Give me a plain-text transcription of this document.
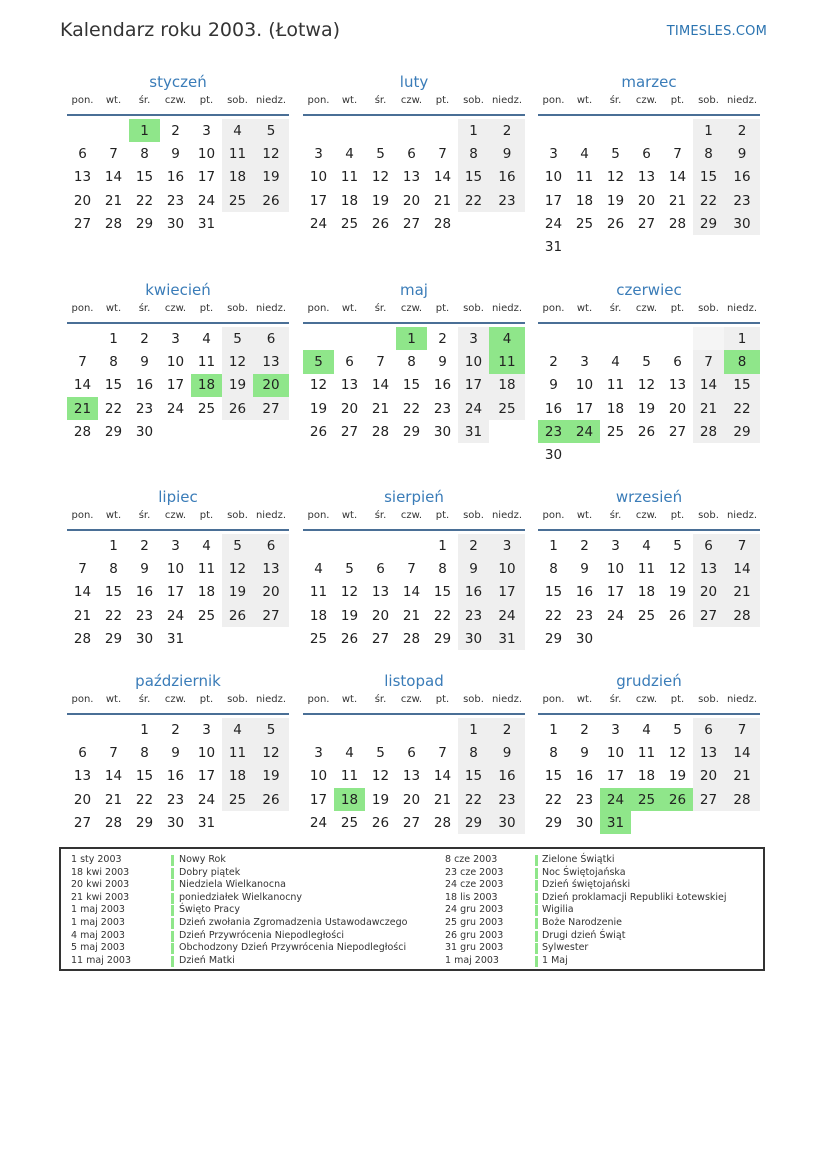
Kalendarz roku 2003. (Łotwa)	TIMESLES.COM
styczeń
pon.	wt.	śr.	czw.	pt.	sob.	niedz.

		1	2	3	4	5
6	7	8	9	10	11	12
13	14	15	16	17	18	19
20	21	22	23	24	25	26
27	28	29	30	31		
luty
pon.	wt.	śr.	czw.	pt.	sob.	niedz.

					1	2
3	4	5	6	7	8	9
10	11	12	13	14	15	16
17	18	19	20	21	22	23
24	25	26	27	28		
marzec
pon.	wt.	śr.	czw.	pt.	sob.	niedz.

					1	2
3	4	5	6	7	8	9
10	11	12	13	14	15	16
17	18	19	20	21	22	23
24	25	26	27	28	29	30
31						
kwiecień
pon.	wt.	śr.	czw.	pt.	sob.	niedz.

	1	2	3	4	5	6
7	8	9	10	11	12	13
14	15	16	17	18	19	20
21	22	23	24	25	26	27
28	29	30				
maj
pon.	wt.	śr.	czw.	pt.	sob.	niedz.

			1	2	3	4
5	6	7	8	9	10	11
12	13	14	15	16	17	18
19	20	21	22	23	24	25
26	27	28	29	30	31	
czerwiec
pon.	wt.	śr.	czw.	pt.	sob.	niedz.

						1
2	3	4	5	6	7	8
9	10	11	12	13	14	15
16	17	18	19	20	21	22
23	24	25	26	27	28	29
30						
lipiec
pon.	wt.	śr.	czw.	pt.	sob.	niedz.

	1	2	3	4	5	6
7	8	9	10	11	12	13
14	15	16	17	18	19	20
21	22	23	24	25	26	27
28	29	30	31			
sierpień
pon.	wt.	śr.	czw.	pt.	sob.	niedz.

				1	2	3
4	5	6	7	8	9	10
11	12	13	14	15	16	17
18	19	20	21	22	23	24
25	26	27	28	29	30	31
wrzesień
pon.	wt.	śr.	czw.	pt.	sob.	niedz.

1	2	3	4	5	6	7
8	9	10	11	12	13	14
15	16	17	18	19	20	21
22	23	24	25	26	27	28
29	30					
październik
pon.	wt.	śr.	czw.	pt.	sob.	niedz.

		1	2	3	4	5
6	7	8	9	10	11	12
13	14	15	16	17	18	19
20	21	22	23	24	25	26
27	28	29	30	31		
listopad
pon.	wt.	śr.	czw.	pt.	sob.	niedz.

					1	2
3	4	5	6	7	8	9
10	11	12	13	14	15	16
17	18	19	20	21	22	23
24	25	26	27	28	29	30
grudzień
pon.	wt.	śr.	czw.	pt.	sob.	niedz.

1	2	3	4	5	6	7
8	9	10	11	12	13	14
15	16	17	18	19	20	21
22	23	24	25	26	27	28
29	30	31				
1 sty 2003	Nowy Rok
18 kwi 2003	Dobry piątek
20 kwi 2003	Niedziela Wielkanocna
21 kwi 2003	poniedziałek Wielkanocny
1 maj 2003	Święto Pracy
1 maj 2003	Dzień zwołania Zgromadzenia Ustawodawczego
4 maj 2003	Dzień Przywrócenia Niepodległości
5 maj 2003	Obchodzony Dzień Przywrócenia Niepodległości
11 maj 2003	Dzień Matki
8 cze 2003	Zielone Świątki
23 cze 2003	Noc Świętojańska
24 cze 2003	Dzień świętojański
18 lis 2003	Dzień proklamacji Republiki Łotewskiej
24 gru 2003	Wigilia
25 gru 2003	Boże Narodzenie
26 gru 2003	Drugi dzień Świąt
31 gru 2003	Sylwester
1 maj 2003	1 Maj
